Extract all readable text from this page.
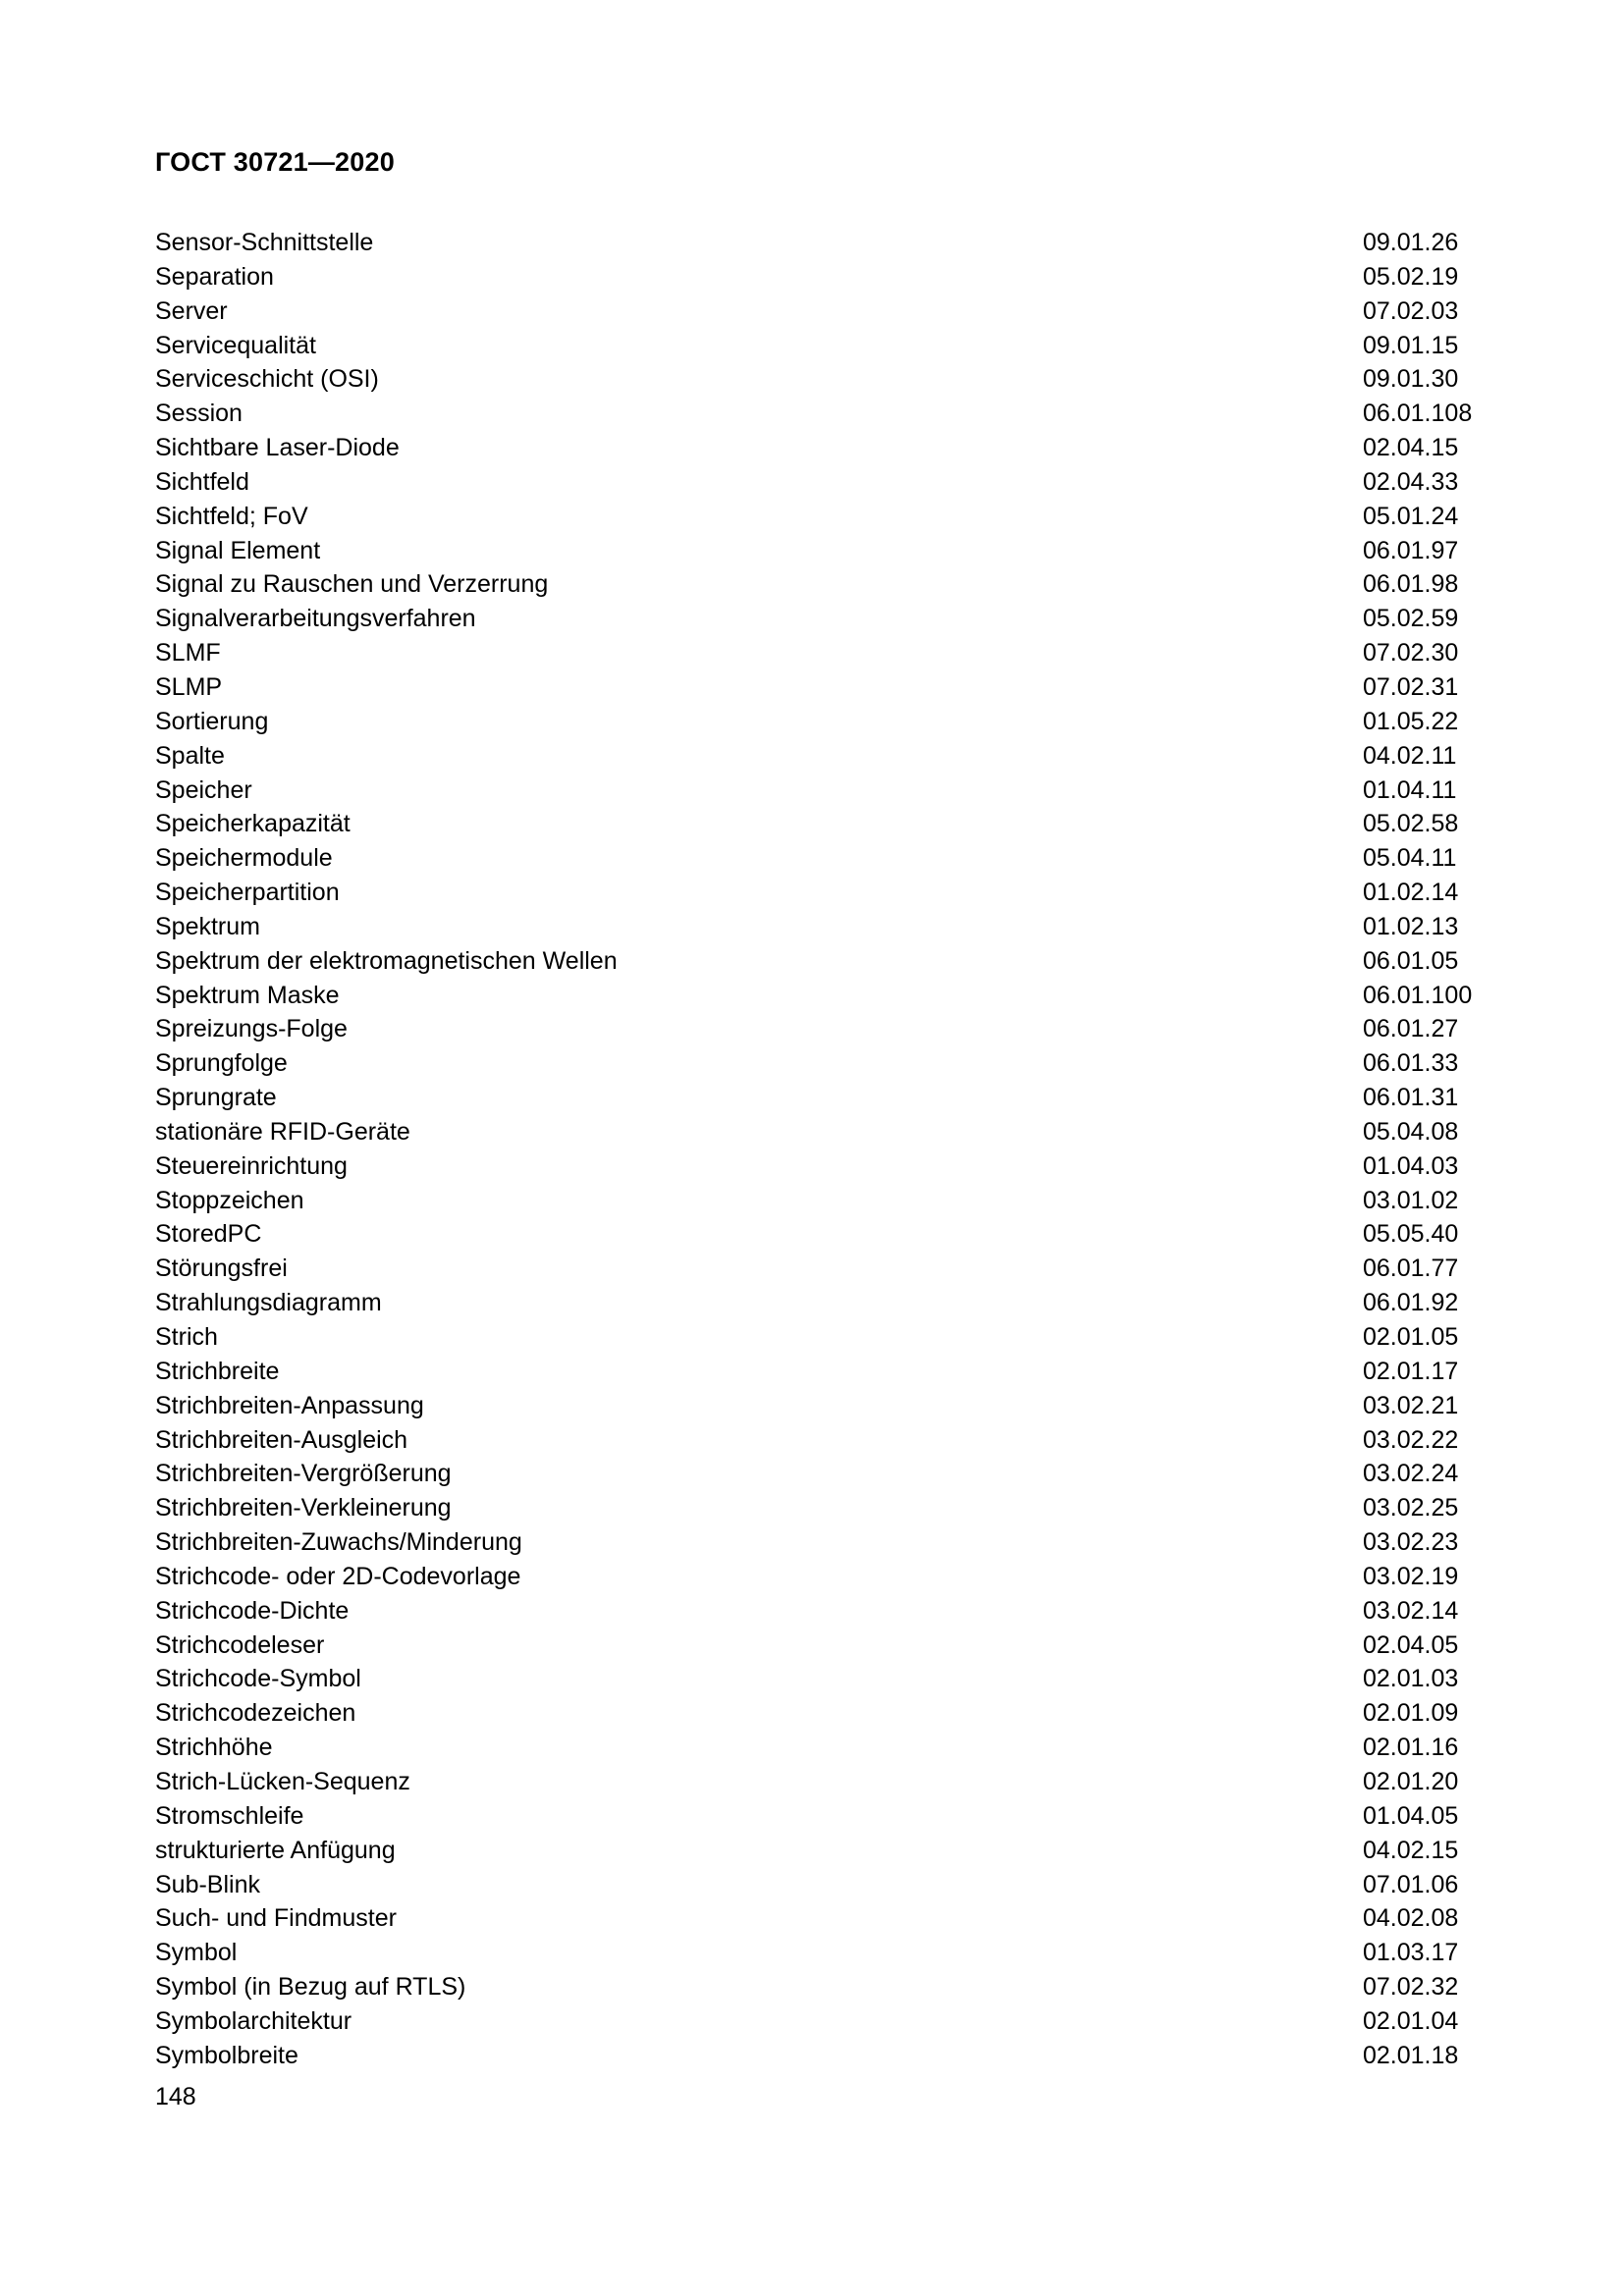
ГОСТ 30721—2020
Sensor-Schnittstelle	09.01.26
Separation	05.02.19
Server	07.02.03
Servicequalität	09.01.15
Serviceschicht (OSI)	09.01.30
Session	06.01.108
Sichtbare Laser-Diode	02.04.15
Sichtfeld	02.04.33
Sichtfeld; FoV	05.01.24
Signal Element	06.01.97
Signal zu Rauschen und Verzerrung	06.01.98
Signalverarbeitungsverfahren	05.02.59
SLMF	07.02.30
SLMP	07.02.31
Sortierung	01.05.22
Spalte	04.02.11
Speicher	01.04.11
Speicherkapazität	05.02.58
Speichermodule	05.04.11
Speicherpartition	01.02.14
Spektrum	01.02.13
Spektrum der elektromagnetischen Wellen	06.01.05
Spektrum Maske	06.01.100
Spreizungs-Folge	06.01.27
Sprungfolge	06.01.33
Sprungrate	06.01.31
stationäre RFID-Geräte	05.04.08
Steuereinrichtung	01.04.03
Stoppzeichen	03.01.02
StoredPC	05.05.40
Störungsfrei	06.01.77
Strahlungsdiagramm	06.01.92
Strich	02.01.05
Strichbreite	02.01.17
Strichbreiten-Anpassung	03.02.21
Strichbreiten-Ausgleich	03.02.22
Strichbreiten-Vergrößerung	03.02.24
Strichbreiten-Verkleinerung	03.02.25
Strichbreiten-Zuwachs/Minderung	03.02.23
Strichcode- oder 2D-Codevorlage	03.02.19
Strichcode-Dichte	03.02.14
Strichcodeleser	02.04.05
Strichcode-Symbol	02.01.03
Strichcodezeichen	02.01.09
Strichhöhe	02.01.16
Strich-Lücken-Sequenz	02.01.20
Stromschleife	01.04.05
strukturierte Anfügung	04.02.15
Sub-Blink	07.01.06
Such- und Findmuster	04.02.08
Symbol	01.03.17
Symbol (in Bezug auf RTLS)	07.02.32
Symbolarchitektur	02.01.04
Symbolbreite	02.01.18
148
